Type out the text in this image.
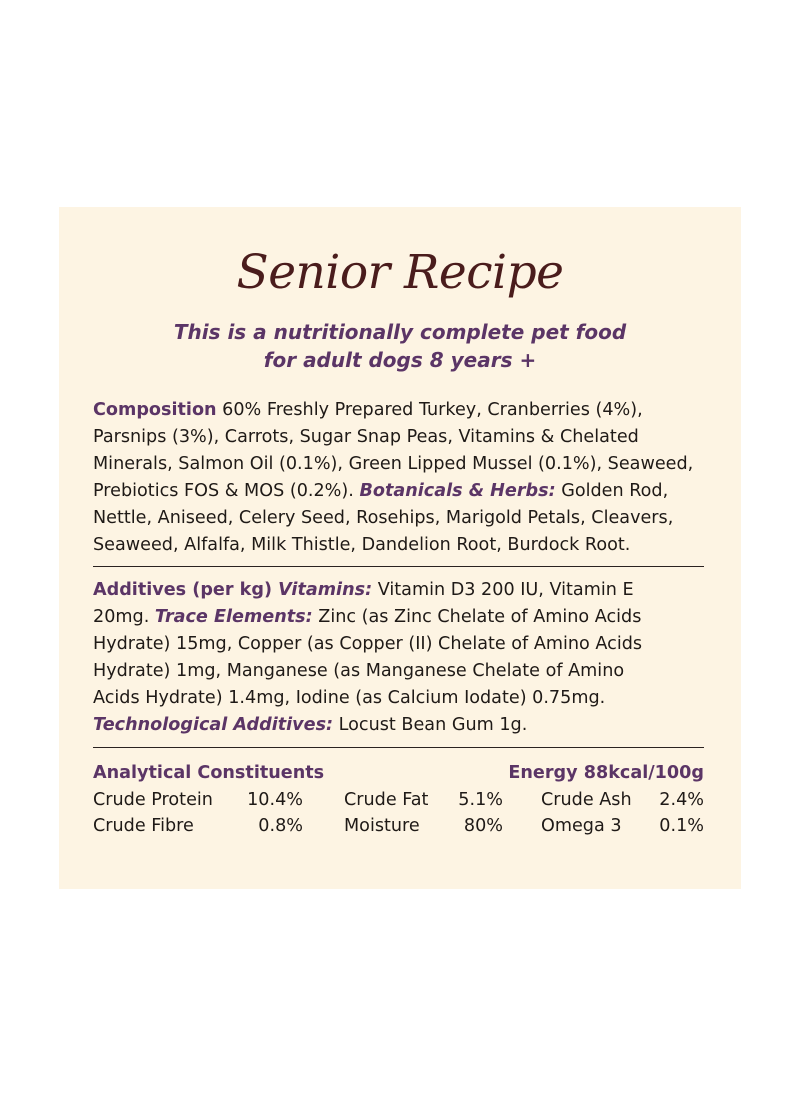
Senior Recipe
This is a nutritionally complete pet food
for adult dogs 8 years +
Composition 60% Freshly Prepared Turkey, Cranberries (4%),
Parsnips (3%), Carrots, Sugar Snap Peas, Vitamins & Chelated
Minerals, Salmon Oil (0.1%), Green Lipped Mussel (0.1%), Seaweed,
Prebiotics FOS & MOS (0.2%). Botanicals & Herbs: Golden Rod,
Nettle, Aniseed, Celery Seed, Rosehips, Marigold Petals, Cleavers,
Seaweed, Alfalfa, Milk Thistle, Dandelion Root, Burdock Root.
Additives (per kg) Vitamins: Vitamin D3 200 IU, Vitamin E
20mg. Trace Elements: Zinc (as Zinc Chelate of Amino Acids
Hydrate) 15mg, Copper (as Copper (II) Chelate of Amino Acids
Hydrate) 1mg, Manganese (as Manganese Chelate of Amino
Acids Hydrate) 1.4mg, Iodine (as Calcium Iodate) 0.75mg.
Technological Additives: Locust Bean Gum 1g.
Analytical Constituents	Energy 88kcal/100g
Crude Protein 10.4% Crude Fat	5.1% Crude Ash	2.4%
Crude Fibre	0.8% Moisture	80% Omega 3	0.1%
